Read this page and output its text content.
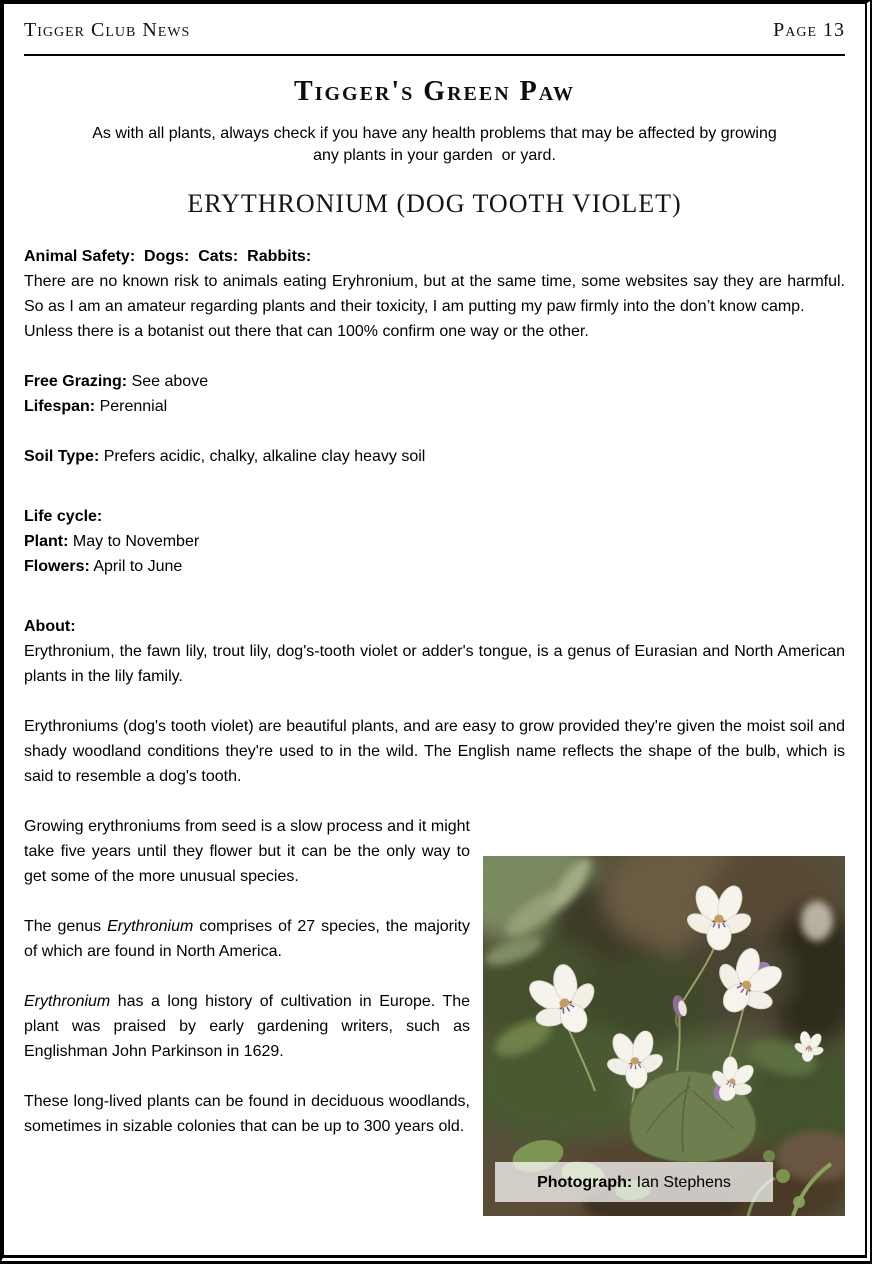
Tigger Club News	Page 13
Tigger's Green Paw
As with all plants, always check if you have any health problems that may be affected by growing
any plants in your garden  or yard.
ERYTHRONIUM (DOG TOOTH VIOLET)

Animal Safety:  Dogs:  Cats:  Rabbits:

There are no known risk to animals eating Eryhronium, but at the same time, some websites say they are harmful. So as I am an amateur regarding plants and their toxicity, I am putting my paw firmly into the don’t know camp.

Unless there is a botanist out there that can 100% confirm one way or the other.

Free Grazing: See above

Lifespan: Perennial

Soil Type: Prefers acidic, chalky, alkaline clay heavy soil

Life cycle:

Plant: May to November

Flowers: April to June

About:

Erythronium, the fawn lily, trout lily, dog's-tooth violet or adder's tongue, is a genus of Eurasian and North American plants in the lily family.

Erythroniums (dog's tooth violet) are beautiful plants, and are easy to grow provided they're given the moist soil and shady woodland conditions they're used to in the wild. The English name reflects the shape of the bulb, which is said to resemble a dog's tooth.

Growing erythroniums from seed is a slow process and it might take five years until they flower but it can be the only way to get some of the more unusual species.

The genus Erythronium comprises of 27 species, the majority of which are found in North America.

Erythronium has a long history of cultivation in Europe. The plant was praised by early gardening writers, such as Englishman John Parkinson in 1629.

These long-lived plants can be found in deciduous woodlands, sometimes in sizable colonies that can be up to 300 years old.

Photograph:
Ian Stephens
